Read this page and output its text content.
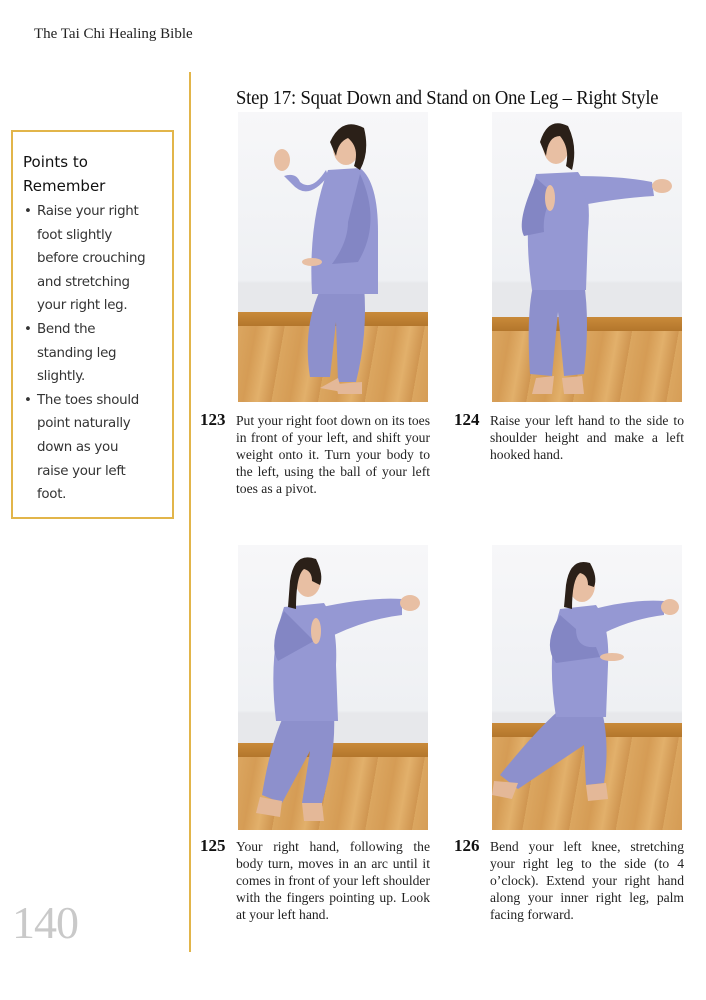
The Tai Chi Healing Bible
Step 17: Squat Down and Stand on One Leg – Right Style
Points to Remember
• Raise your right
foot slightly
before crouching
and stretching
your right leg.
• Bend the
standing leg
slightly.
• The toes should
point naturally
down as you
raise your left
foot.
140
123 Put your right foot down on its toes in front of your left, and shift your weight onto it. Turn your body to the left, using the ball of your left toes as a pivot.
124 Raise your left hand to the side to shoulder height and make a left hooked hand.
125 Your right hand, following the body turn, moves in an arc until it comes in front of your left shoulder with the fingers pointing up. Look at your left hand.
126 Bend your left knee, stretching your right leg to the side (to 4 o’clock). Extend your right hand along your inner right leg, palm facing forward.
